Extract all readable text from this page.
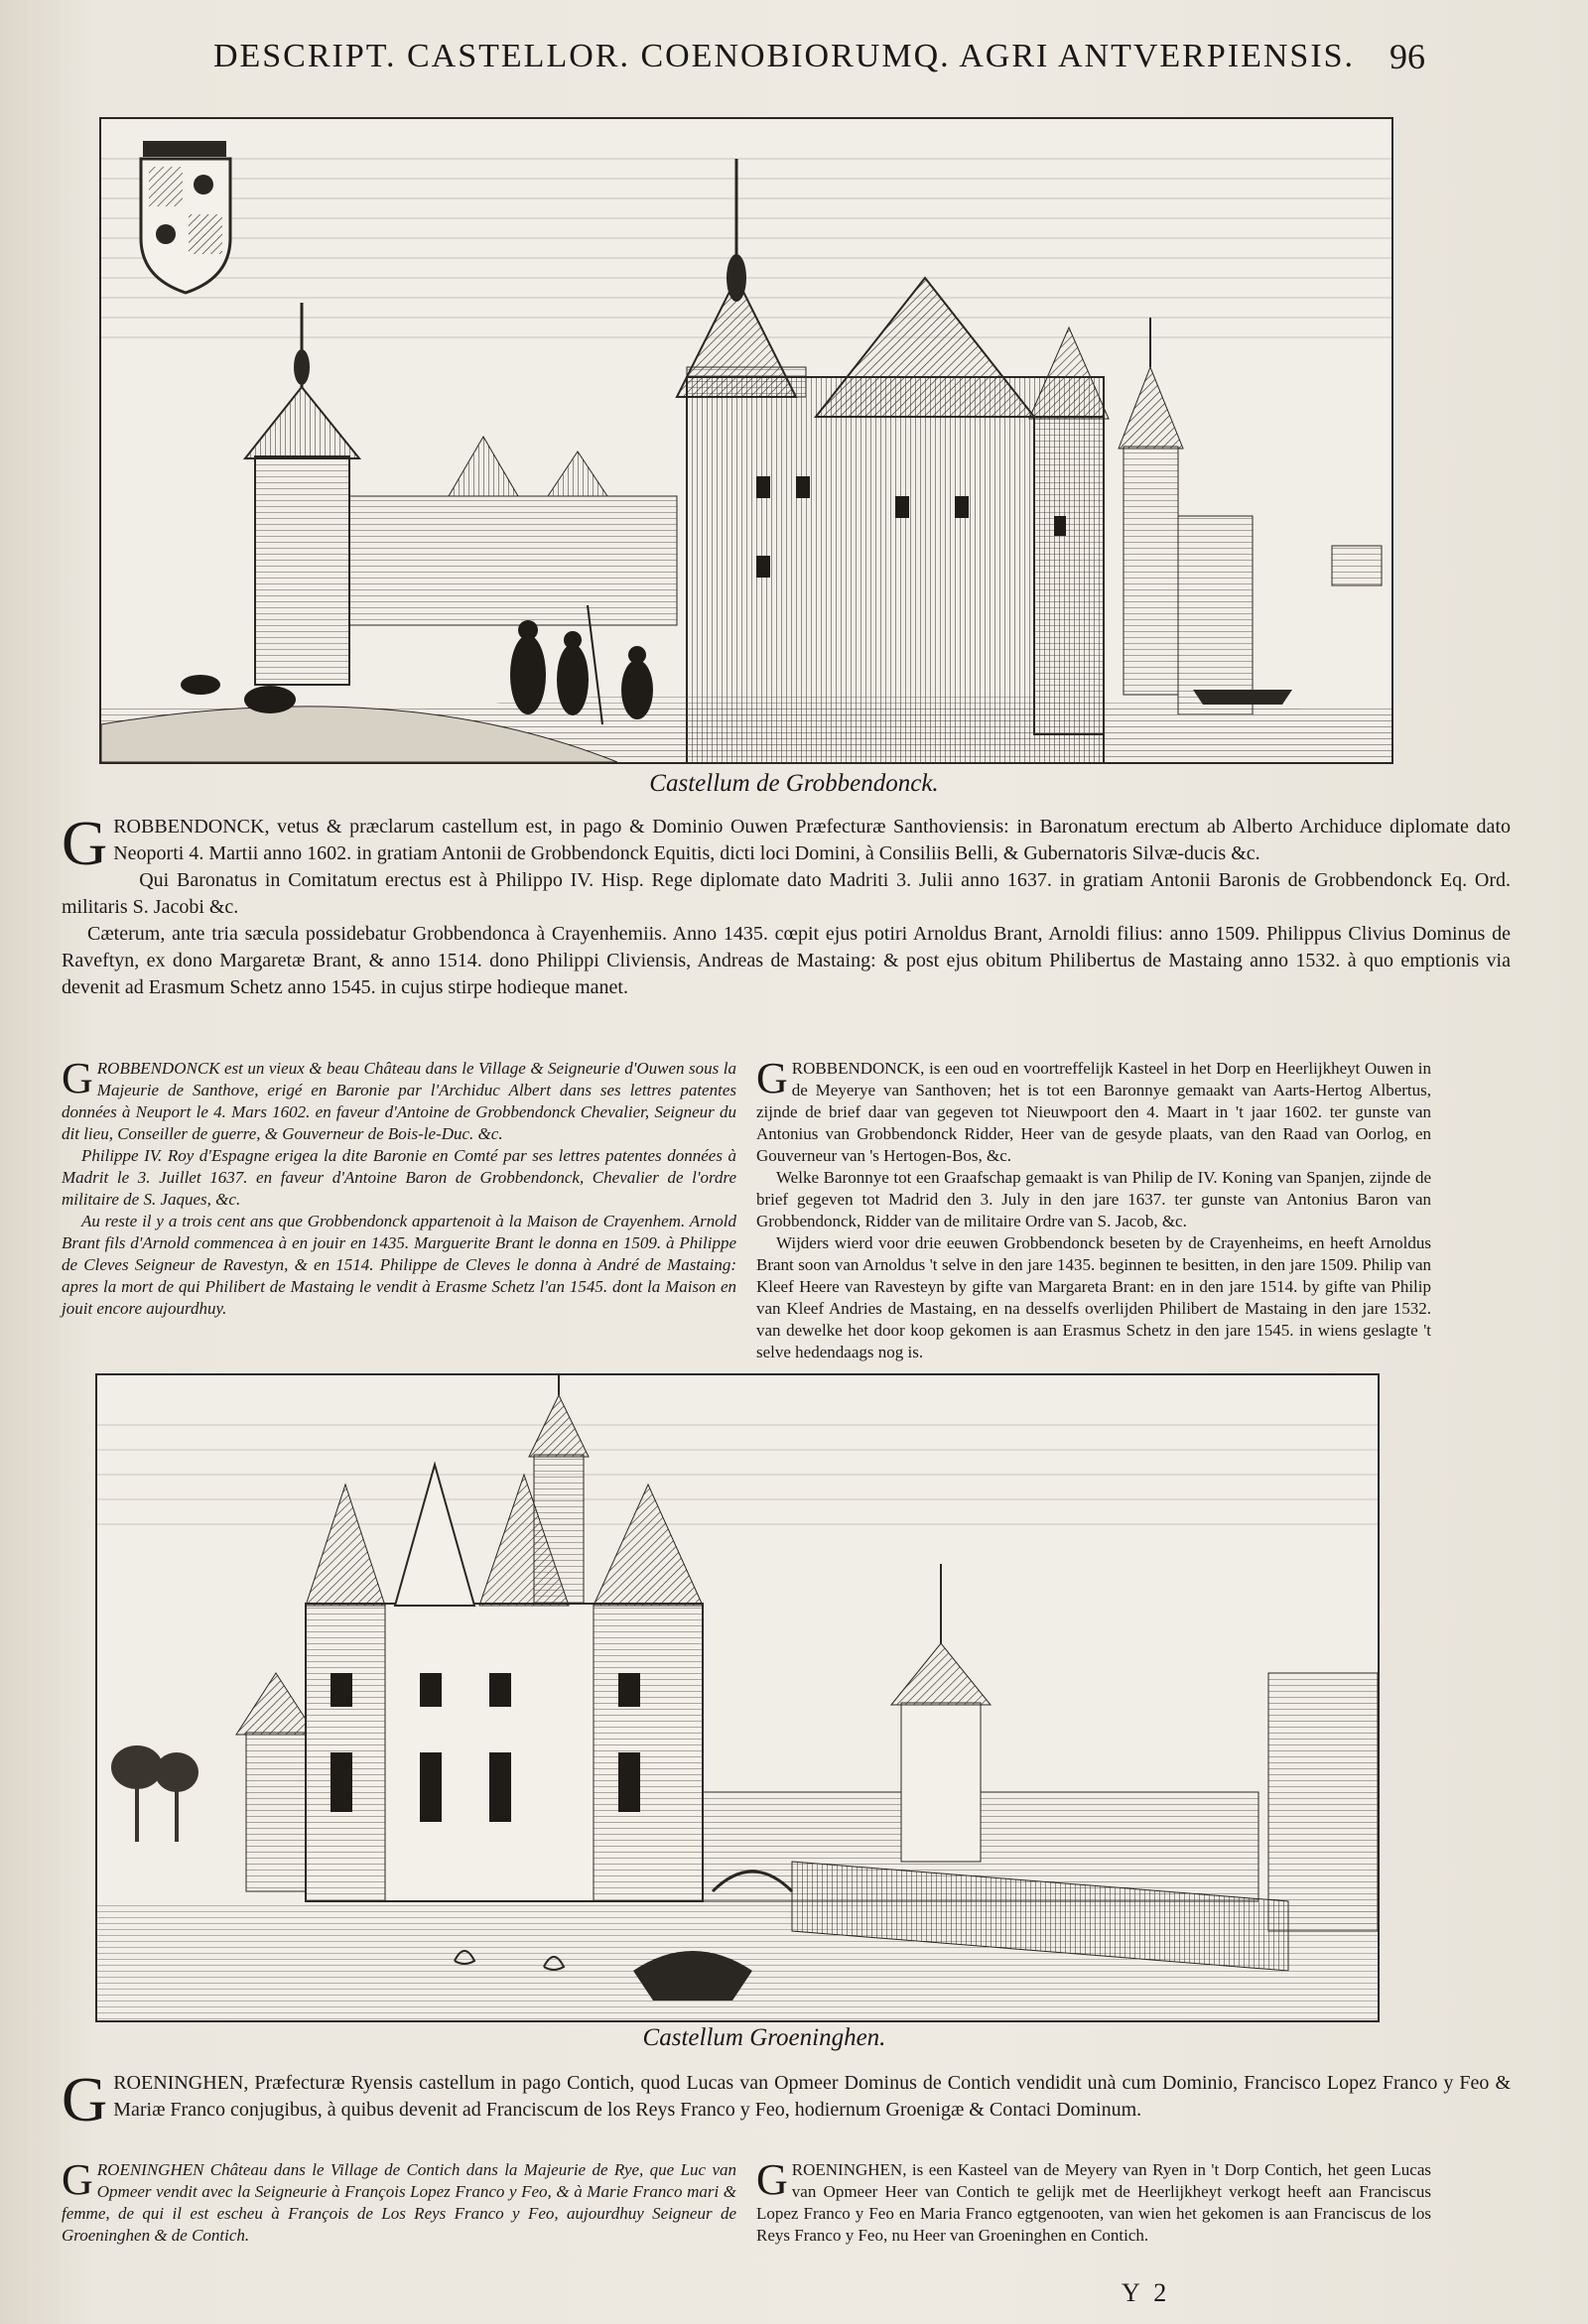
DESCRIPT. CASTELLOR. COENOBIORUMQ. AGRI ANTVERPIENSIS. 96
Castellum de Grobbendonck.
G ROBBENDONCK, vetus & præclarum castellum est, in pago & Dominio Ouwen Præfecturæ Santhoviensis: in Baronatum erectum ab Alberto Archiduce diplomate dato Neoporti 4. Martii anno 1602. in gratiam Antonii de Grobbendonck Equitis, dicti loci Domini, à Consiliis Belli, & Gubernatoris Silvæ-ducis &c.

Qui Baronatus in Comitatum erectus est à Philippo IV. Hisp. Rege diplomate dato Madriti 3. Julii anno 1637. in gratiam Antonii Baronis de Grobbendonck Eq. Ord. militaris S. Jacobi &c.

Cæterum, ante tria sæcula possidebatur Grobbendonca à Crayenhemiis. Anno 1435. cœpit ejus potiri Arnoldus Brant, Arnoldi filius: anno 1509. Philippus Clivius Dominus de Raveftyn, ex dono Margaretæ Brant, & anno 1514. dono Philippi Cliviensis, Andreas de Mastaing: & post ejus obitum Philibertus de Mastaing anno 1532. à quo emptionis via devenit ad Erasmum Schetz anno 1545. in cujus stirpe hodieque manet.

G ROBBENDONCK est un vieux & beau Château dans le Village & Seigneurie d'Ouwen sous la Majeurie de Santhove, erigé en Baronie par l'Archiduc Albert dans ses lettres patentes données à Neuport le 4. Mars 1602. en faveur d'Antoine de Grobbendonck Chevalier, Seigneur du dit lieu, Conseiller de guerre, & Gouverneur de Bois-le-Duc. &c.

Philippe IV. Roy d'Espagne erigea la dite Baronie en Comté par ses lettres patentes données à Madrit le 3. Juillet 1637. en faveur d'Antoine Baron de Grobbendonck, Chevalier de l'ordre militaire de S. Jaques, &c.

Au reste il y a trois cent ans que Grobbendonck appartenoit à la Maison de Crayenhem. Arnold Brant fils d'Arnold commencea à en jouir en 1435. Marguerite Brant le donna en 1509. à Philippe de Cleves Seigneur de Ravestyn, & en 1514. Philippe de Cleves le donna à André de Mastaing: apres la mort de qui Philibert de Mastaing le vendit à Erasme Schetz l'an 1545. dont la Maison en jouit encore aujourdhuy.

G ROBBENDONCK, is een oud en voortreffelijk Kasteel in het Dorp en Heerlijkheyt Ouwen in de Meyerye van Santhoven; het is tot een Baronnye gemaakt van Aarts-Hertog Albertus, zijnde de brief daar van gegeven tot Nieuwpoort den 4. Maart in 't jaar 1602. ter gunste van Antonius van Grobbendonck Ridder, Heer van de gesyde plaats, van den Raad van Oorlog, en Gouverneur van 's Hertogen-Bos, &c.

Welke Baronnye tot een Graafschap gemaakt is van Philip de IV. Koning van Spanjen, zijnde de brief gegeven tot Madrid den 3. July in den jare 1637. ter gunste van Antonius Baron van Grobbendonck, Ridder van de militaire Ordre van S. Jacob, &c.

Wijders wierd voor drie eeuwen Grobbendonck beseten by de Crayenheims, en heeft Arnoldus Brant soon van Arnoldus 't selve in den jare 1435. beginnen te besitten, in den jare 1509. Philip van Kleef Heere van Ravesteyn by gifte van Margareta Brant: en in den jare 1514. by gifte van Philip van Kleef Andries de Mastaing, en na desselfs overlijden Philibert de Mastaing in den jare 1532. van dewelke het door koop gekomen is aan Erasmus Schetz in den jare 1545. in wiens geslagte 't selve hedendaags nog is.

Castellum Groeninghen.
G ROENINGHEN, Præfecturæ Ryensis castellum in pago Contich, quod Lucas van Opmeer Dominus de Contich vendidit unà cum Dominio, Francisco Lopez Franco y Feo & Mariæ Franco conjugibus, à quibus devenit ad Franciscum de los Reys Franco y Feo, hodiernum Groenigæ & Contaci Dominum.

G ROENINGHEN Château dans le Village de Contich dans la Majeurie de Rye, que Luc van Opmeer vendit avec la Seigneurie à François Lopez Franco y Feo, & à Marie Franco mari & femme, de qui il est escheu à François de Los Reys Franco y Feo, aujourdhuy Seigneur de Groeninghen & de Contich.

G ROENINGHEN, is een Kasteel van de Meyery van Ryen in 't Dorp Contich, het geen Lucas van Opmeer Heer van Contich te gelijk met de Heerlijkheyt verkogt heeft aan Franciscus Lopez Franco y Feo en Maria Franco egtgenooten, van wien het gekomen is aan Franciscus de los Reys Franco y Feo, nu Heer van Groeninghen en Contich.

Y 2
